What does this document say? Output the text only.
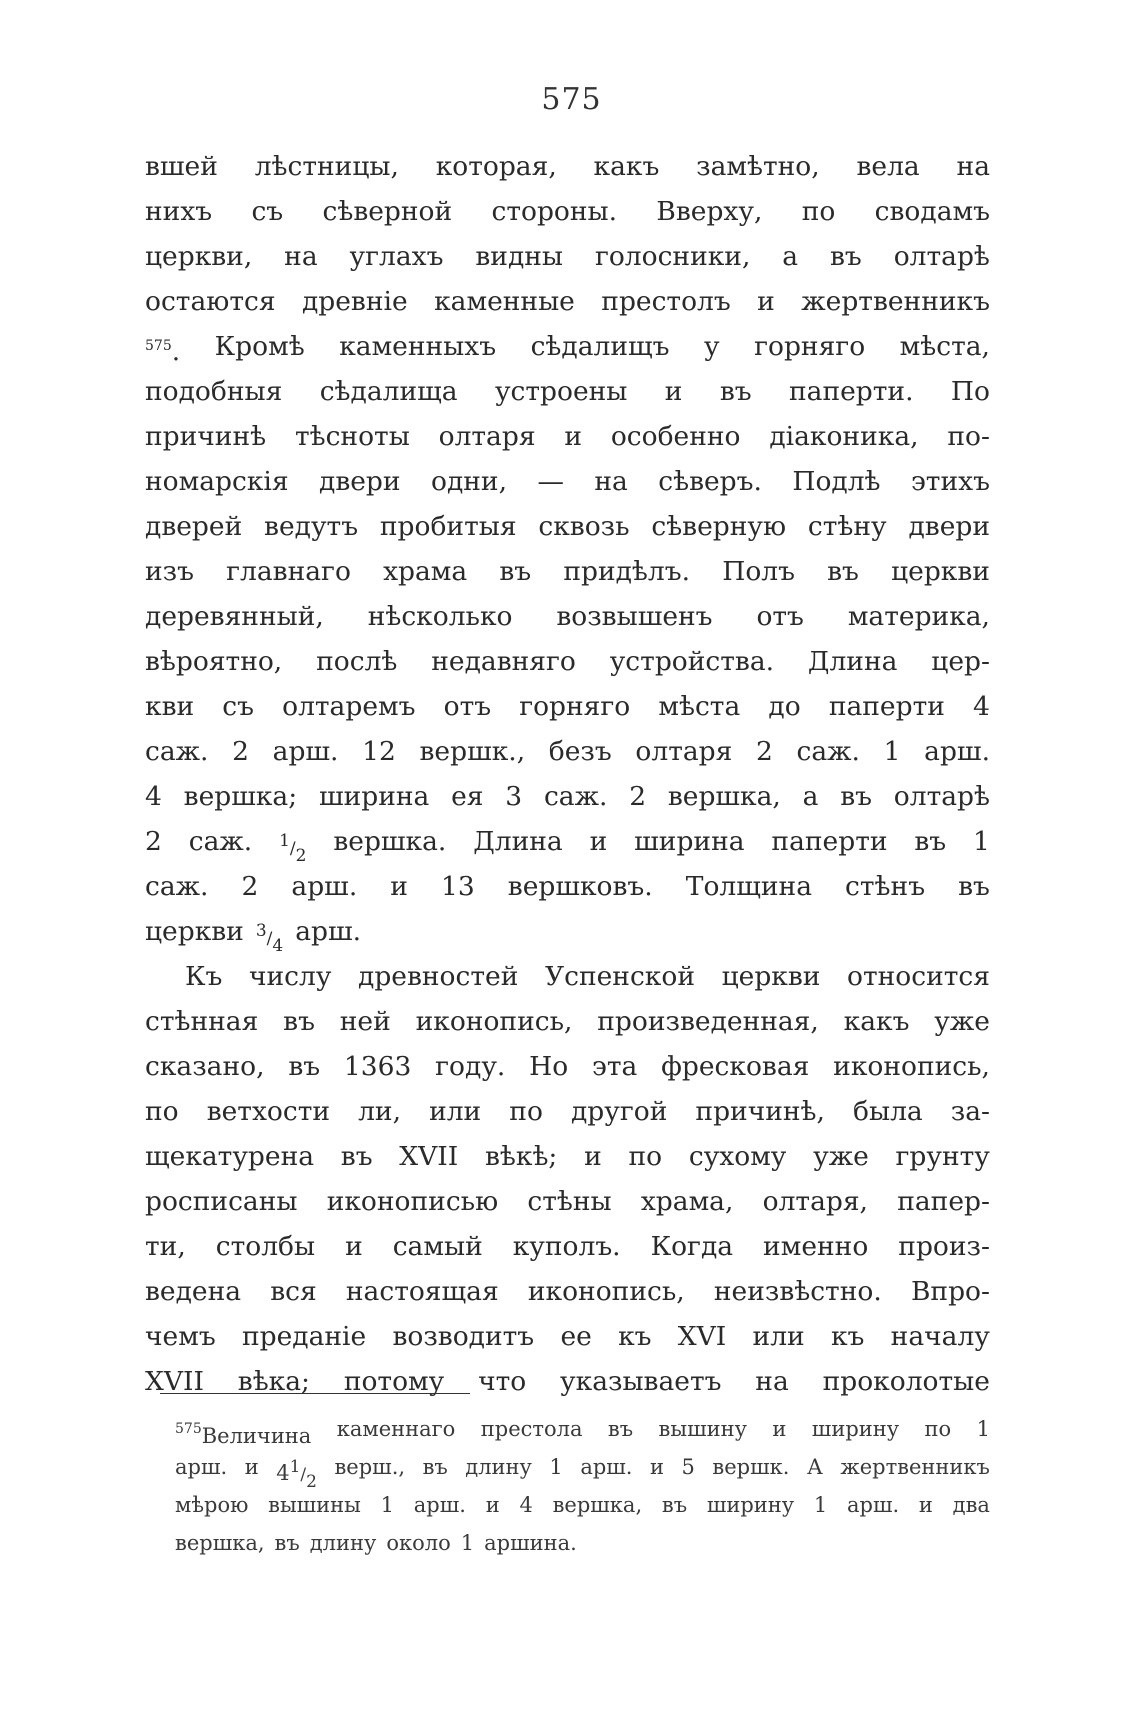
575
вшей лѣстницы, которая, какъ замѣтно, вела на
нихъ съ сѣверной стороны. Вверху, по сводамъ
церкви, на углахъ видны голосники, а въ олтарѣ
остаются древніе каменные престолъ и жертвенникъ
$^{575}$. Кромѣ каменныхъ сѣдалищъ у горняго мѣста,
подобныя сѣдалища устроены и въ паперти. По
причинѣ тѣсноты олтаря и особенно діаконика, по-
номарскія двери одни, — на сѣверъ. Подлѣ этихъ
дверей ведутъ пробитыя сквозь сѣверную стѣну двери
изъ главнаго храма въ придѣлъ. Полъ въ церкви
деревянный, нѣсколько возвышенъ отъ материка,
вѣроятно, послѣ недавняго устройства. Длина цер-
кви съ олтаремъ отъ горняго мѣста до паперти 4
саж. 2 арш. 12 вершк., безъ олтаря 2 саж. 1 арш.
4 вершка; ширина ея 3 саж. 2 вершка, а въ олтарѣ
2 саж. $^1/_2$ вершка. Длина и ширина паперти въ 1
саж. 2 арш. и 13 вершковъ. Толщина стѣнъ въ
церкви $^3/_4$ арш.
Къ числу древностей Успенской церкви относится
стѣнная въ ней иконопись, произведенная, какъ уже
сказано, въ 1363 году. Но эта фресковая иконопись,
по ветхости ли, или по другой причинѣ, была за-
щекатурена въ XVII вѣкѣ; и по сухому уже грунту
росписаны иконописью стѣны храма, олтаря, папер-
ти, столбы и самый куполъ. Когда именно произ-
ведена вся настоящая иконопись, неизвѣстно. Впро-
чемъ преданіе возводитъ ее къ XVI или къ началу
XVII вѣка; потому что указываетъ на проколотые
$^{575}$Величина каменнаго престола въ вышину и ширину по 1
арш. и $4^1/_2$
верш., въ длину 1 арш. и 5 вершк. А жертвенникъ
мѣрою вышины 1 арш. и 4 вершка, въ ширину 1 арш. и два
вершка, въ длину около 1 аршина.
